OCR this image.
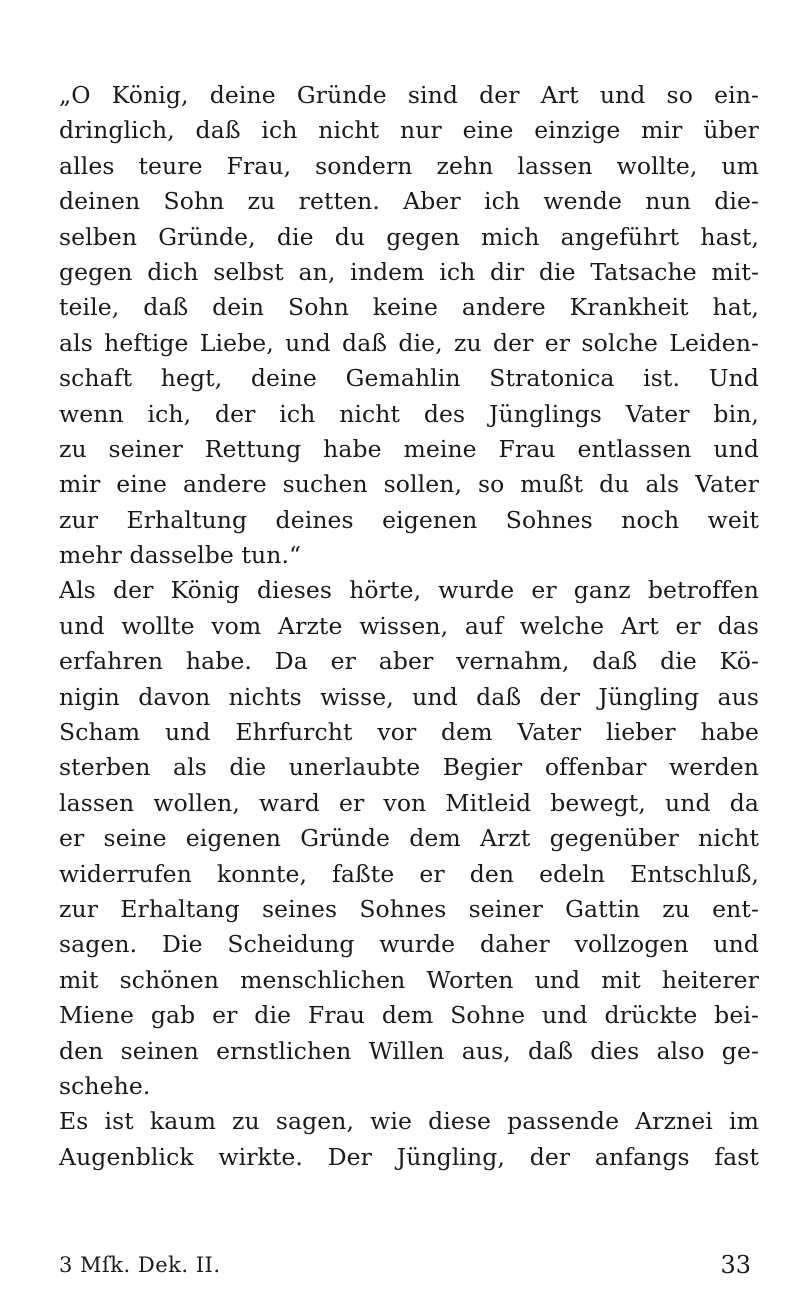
„O König, deine Gründe sind der Art und so ein-
dringlich, daß ich nicht nur eine einzige mir über
alles teure Frau, sondern zehn lassen wollte, um
deinen Sohn zu retten. Aber ich wende nun die-
selben Gründe, die du gegen mich angeführt hast,
gegen dich selbst an, indem ich dir die Tatsache mit-
teile, daß dein Sohn keine andere Krankheit hat,
als heftige Liebe, und daß die, zu der er solche Leiden-
schaft hegt, deine Gemahlin Stratonica ist. Und
wenn ich, der ich nicht des Jünglings Vater bin,
zu seiner Rettung habe meine Frau entlassen und
mir eine andere suchen sollen, so mußt du als Vater
zur Erhaltung deines eigenen Sohnes noch weit
mehr dasselbe tun.“
Als der König dieses hörte, wurde er ganz betroffen
und wollte vom Arzte wissen, auf welche Art er das
erfahren habe. Da er aber vernahm, daß die Kö-
nigin davon nichts wisse, und daß der Jüngling aus
Scham und Ehrfurcht vor dem Vater lieber habe
sterben als die unerlaubte Begier offenbar werden
lassen wollen, ward er von Mitleid bewegt, und da
er seine eigenen Gründe dem Arzt gegenüber nicht
widerrufen konnte, faßte er den edeln Entschluß,
zur Erhaltang seines Sohnes seiner Gattin zu ent-
sagen. Die Scheidung wurde daher vollzogen und
mit schönen menschlichen Worten und mit heiterer
Miene gab er die Frau dem Sohne und drückte bei-
den seinen ernstlichen Willen aus, daß dies also ge-
schehe.
Es ist kaum zu sagen, wie diese passende Arznei im
Augenblick wirkte. Der Jüngling, der anfangs fast
3 Mſk. Dek. II.	33
